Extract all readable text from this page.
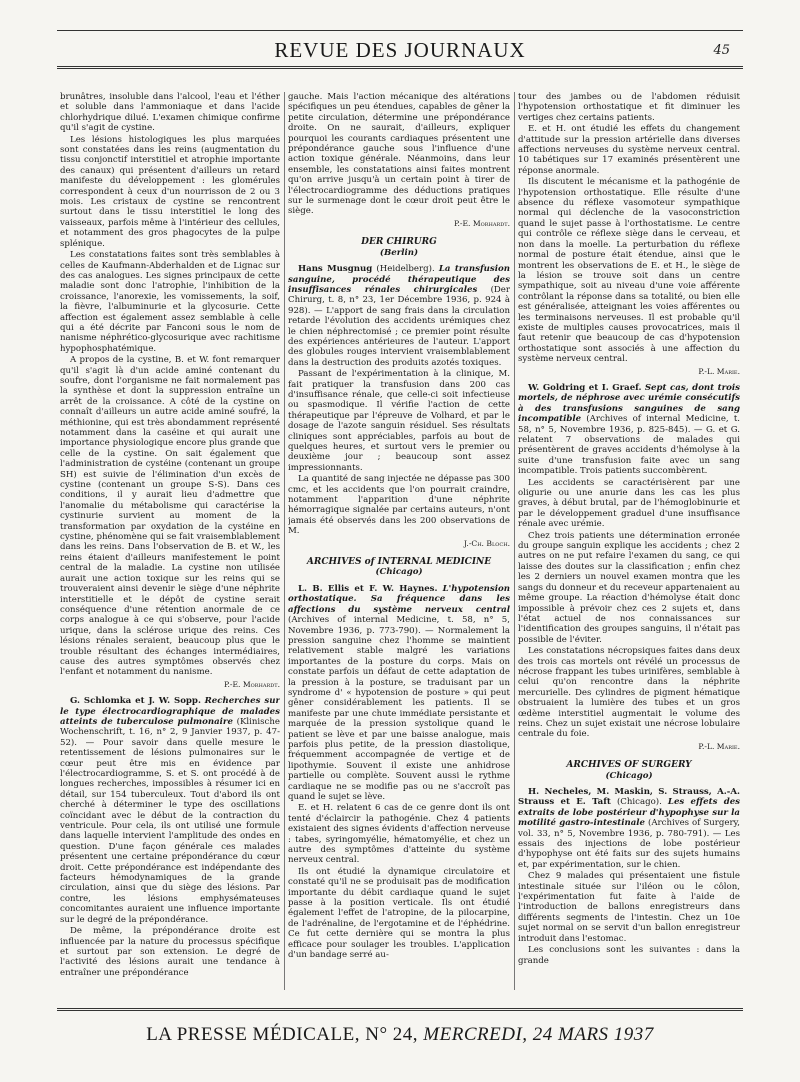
REVUE DES JOURNAUX	45

brunâtres, insoluble dans l'alcool, l'eau et l'éther et soluble dans l'ammoniaque et dans l'acide chlorhydrique dilué. L'examen chimique confirme qu'il s'agit de cystine.

Les lésions histologiques les plus marquées sont constatées dans les reins (augmentation du tissu conjonctif interstitiel et atrophie importante des canaux) qui présentent d'ailleurs un retard manifeste du développement : les glomérules correspondent à ceux d'un nourrisson de 2 ou 3 mois. Les cristaux de cystine se rencontrent surtout dans le tissu interstitiel le long des vaisseaux, parfois même à l'intérieur des cellules, et notamment des gros phagocytes de la pulpe splénique.

Les constatations faites sont très semblables à celles de Kaufmann-Abderhalden et de Lignac sur des cas analogues. Les signes principaux de cette maladie sont donc l'atrophie, l'inhibition de la croissance, l'anorexie, les vomissements, la soif, la fièvre, l'albuminurie et la glycosurie. Cette affection est également assez semblable à celle qui a été décrite par Fanconi sous le nom de nanisme néphrético-glycosurique avec rachitisme hypophosphatémique.

A propos de la cystine, B. et W. font remarquer qu'il s'agit là d'un acide aminé contenant du soufre, dont l'organisme ne fait normalement pas la synthèse et dont la suppression entraîne un arrêt de la croissance. A côté de la cystine on connaît d'ailleurs un autre acide aminé soufré, la méthionine, qui est très abondamment représenté notamment dans la caséine et qui aurait une importance physiologique encore plus grande que celle de la cystine. On sait également que l'administration de cystéine (contenant un groupe SH) est suivie de l'élimination d'un excès de cystine (contenant un groupe S-S). Dans ces conditions, il y aurait lieu d'admettre que l'anomalie du métabolisme qui caractérise la cystinurie survient au moment de la transformation par oxydation de la cystéine en cystine, phénomène qui se fait vraisemblablement dans les reins. Dans l'observation de B. et W., les reins étaient d'ailleurs manifestement le point central de la maladie. La cystine non utilisée aurait une action toxique sur les reins qui se trouveraient ainsi devenir le siège d'une néphrite interstitielle et le dépôt de cystine serait conséquence d'une rétention anormale de ce corps analogue à ce qui s'observe, pour l'acide urique, dans la sclérose urique des reins. Ces lésions rénales seraient, beaucoup plus que le trouble résultant des échanges intermédiaires, cause des autres symptômes observés chez l'enfant et notamment du nanisme.

P.-E. Morhardt.

G. Schlomka et J. W. Sopp. Recherches sur le type électrocardiographique de malades atteints de tuberculose pulmonaire (Klinische Wochenschrift, t. 16, n° 2, 9 Janvier 1937, p. 47-52). — Pour savoir dans quelle mesure le retentissement de lésions pulmonaires sur le cœur peut être mis en évidence par l'électrocardiogramme, S. et S. ont procédé à de longues recherches, impossibles à résumer ici en détail, sur 154 tuberculeux. Tout d'abord ils ont cherché à déterminer le type des oscillations coïncidant avec le début de la contraction du ventricule. Pour cela, ils ont utilisé une formule dans laquelle intervient l'amplitude des ondes en question. D'une façon générale ces malades présentent une certaine prépondérance du cœur droit. Cette prépondérance est indépendante des facteurs hémodynamiques de la grande circulation, ainsi que du siège des lésions. Par contre, les lésions emphysémateuses concomitantes auraient une influence importante sur le degré de la prépondérance.

De même, la prépondérance droite est influencée par la nature du processus spécifique et surtout par son extension. Le degré de l'activité des lésions aurait une tendance à entraîner une prépondérance

gauche. Mais l'action mécanique des altérations spécifiques un peu étendues, capables de gêner la petite circulation, détermine une prépondérance droite. On ne saurait, d'ailleurs, expliquer pourquoi les courants cardiaques présentent une prépondérance gauche sous l'influence d'une action toxique générale. Néanmoins, dans leur ensemble, les constatations ainsi faites montrent qu'on arrive jusqu'à un certain point à tirer de l'électrocardiogramme des déductions pratiques sur le surmenage dont le cœur droit peut être le siège.

P.-E. Morhardt.

DER CHIRURG

(Berlin)

Hans Musgnug (Heidelberg). La transfusion sanguine, procédé thérapeutique des insuffisances rénales chirurgicales (Der Chirurg, t. 8, n° 23, 1er Décembre 1936, p. 924 à 928). — L'apport de sang frais dans la circulation retarde l'évolution des accidents urémiques chez le chien néphrectomisé ; ce premier point résulte des expériences antérieures de l'auteur. L'apport des globules rouges intervient vraisemblablement dans la destruction des produits azotés toxiques.

Passant de l'expérimentation à la clinique, M. fait pratiquer la transfusion dans 200 cas d'insuffisance rénale, que celle-ci soit infectieuse ou spasmodique. Il vérifie l'action de cette thérapeutique par l'épreuve de Volhard, et par le dosage de l'azote sanguin résiduel. Ses résultats cliniques sont appréciables, parfois au bout de quelques heures, et surtout vers le premier ou deuxième jour ; beaucoup sont assez impressionnants.

La quantité de sang injectée ne dépasse pas 300 cmc, et les accidents que l'on pourrait craindre, notamment l'apparition d'une néphrite hémorragique signalée par certains auteurs, n'ont jamais été observés dans les 200 observations de M.

J.-Ch. Bloch.

ARCHIVES of INTERNAL MEDICINE

(Chicago)

L. B. Ellis et F. W. Haynes. L'hypotension orthostatique. Sa fréquence dans les affections du système nerveux central (Archives of internal Medicine, t. 58, n° 5, Novembre 1936, p. 773-790). — Normalement la pression sanguine chez l'homme se maintient relativement stable malgré les variations importantes de la posture du corps. Mais on constate parfois un défaut de cette adaptation de la pression à la posture, se traduisant par un syndrome d' « hypotension de posture » qui peut gêner considérablement les patients. Il se manifeste par une chute immédiate persistante et marquée de la pression systolique quand le patient se lève et par une baisse analogue, mais parfois plus petite, de la pression diastolique, fréquemment accompagnée de vertige et de lipothymie. Souvent il existe une anhidrose partielle ou complète. Souvent aussi le rythme cardiaque ne se modifie pas ou ne s'accroît pas quand le sujet se lève.

E. et H. relatent 6 cas de ce genre dont ils ont tenté d'éclaircir la pathogénie. Chez 4 patients existaient des signes évidents d'affection nerveuse : tabes, syringomyélie, hématomyélie, et chez un autre des symptômes d'atteinte du système nerveux central.

Ils ont étudié la dynamique circulatoire et constaté qu'il ne se produisait pas de modification importante du débit cardiaque quand le sujet passe à la position verticale. Ils ont étudié également l'effet de l'atropine, de la pilocarpine, de l'adrénaline, de l'ergotamine et de l'éphédrine. Ce fut cette dernière qui se montra la plus efficace pour soulager les troubles. L'application d'un bandage serré au-

tour des jambes ou de l'abdomen réduisit l'hypotension orthostatique et fit diminuer les vertiges chez certains patients.

E. et H. ont étudié les effets du changement d'attitude sur la pression artérielle dans diverses affections nerveuses du système nerveux central. 10 tabétiques sur 17 examinés présentèrent une réponse anormale.

Ils discutent le mécanisme et la pathogénie de l'hypotension orthostatique. Elle résulte d'une absence du réflexe vasomoteur sympathique normal qui déclenche de la vasoconstriction quand le sujet passe à l'orthostatisme. Le centre qui contrôle ce réflexe siège dans le cerveau, et non dans la moelle. La perturbation du réflexe normal de posture était étendue, ainsi que le montrent les observations de E. et H., le siège de la lésion se trouve soit dans un centre sympathique, soit au niveau d'une voie afférente contrôlant la réponse dans sa totalité, ou bien elle est généralisée, atteignant les voies afférentes ou les terminaisons nerveuses. Il est probable qu'il existe de multiples causes provocatrices, mais il faut retenir que beaucoup de cas d'hypotension orthostatique sont associés à une affection du système nerveux central.

P.-L. Marie.

W. Goldring et I. Graef. Sept cas, dont trois mortels, de néphrose avec urémie consécutifs à des transfusions sanguines de sang incompatible (Archives of internal Medicine, t. 58, n° 5, Novembre 1936, p. 825-845). — G. et G. relatent 7 observations de malades qui présentèrent de graves accidents d'hémolyse à la suite d'une transfusion faite avec un sang incompatible. Trois patients succombèrent.

Les accidents se caractérisèrent par une oligurie ou une anurie dans les cas les plus graves, à début brutal, par de l'hémoglobinurie et par le développement graduel d'une insuffisance rénale avec urémie.

Chez trois patients une détermination erronée du groupe sanguin explique les accidents ; chez 2 autres on ne put refaire l'examen du sang, ce qui laisse des doutes sur la classification ; enfin chez les 2 derniers un nouvel examen montra que les sangs du donneur et du receveur appartenaient au même groupe. La réaction d'hémolyse était donc impossible à prévoir chez ces 2 sujets et, dans l'état actuel de nos connaissances sur l'identification des groupes sanguins, il n'était pas possible de l'éviter.

Les constatations nécropsiques faites dans deux des trois cas mortels ont révélé un processus de nécrose frappant les tubes urinifères, semblable à celui qu'on rencontre dans la néphrite mercurielle. Des cylindres de pigment hématique obstruaient la lumière des tubes et un gros œdème interstitiel augmentait le volume des reins. Chez un sujet existait une nécrose lobulaire centrale du foie.

P.-L. Marie.

ARCHIVES OF SURGERY

(Chicago)

H. Necheles, M. Maskin, S. Strauss, A.-A. Strauss et E. Taft (Chicago). Les effets des extraits de lobe postérieur d'hypophyse sur la motilité gastro-intestinale (Archives of Surgery, vol. 33, n° 5, Novembre 1936, p. 780-791). — Les essais des injections de lobe postérieur d'hypophyse ont été faits sur des sujets humains et, par expérimentation, sur le chien.

Chez 9 malades qui présentaient une fistule intestinale située sur l'iléon ou le côlon, l'expérimentation fut faite à l'aide de l'introduction de ballons enregistreurs dans différents segments de l'intestin. Chez un 10e sujet normal on se servit d'un ballon enregistreur introduit dans l'estomac.

Les conclusions sont les suivantes : dans la grande

LA PRESSE MÉDICALE, N° 24, MERCREDI, 24 MARS 1937
